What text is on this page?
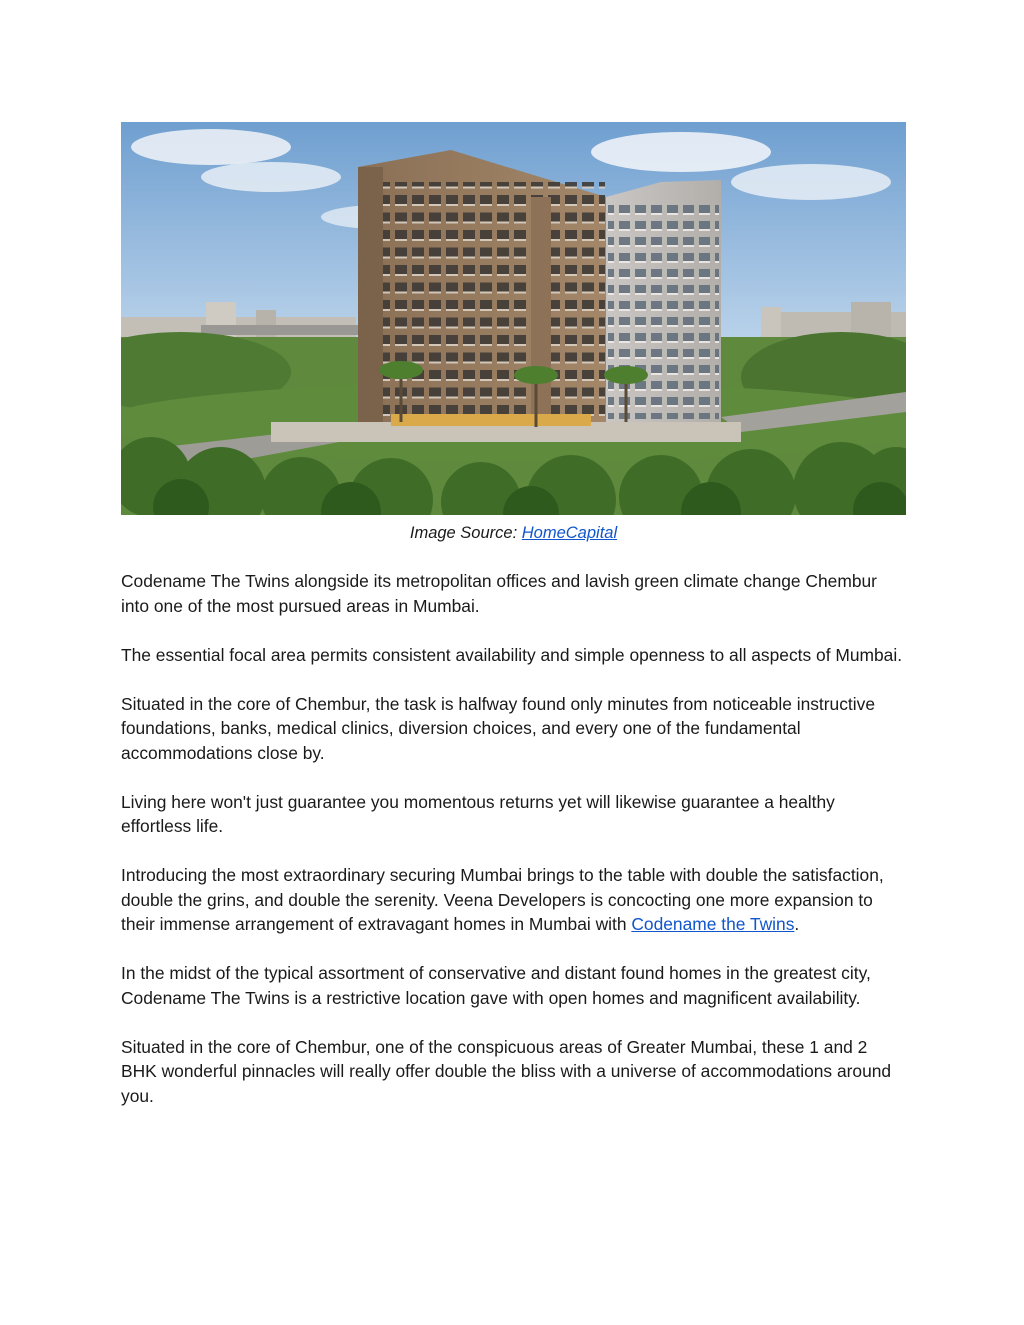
Image Source: HomeCapital

Codename The Twins alongside its metropolitan offices and lavish green climate change Chembur into one of the most pursued areas in Mumbai.

The essential focal area permits consistent availability and simple openness to all aspects of Mumbai.

Situated in the core of Chembur, the task is halfway found only minutes from noticeable instructive foundations, banks, medical clinics, diversion choices, and every one of the fundamental accommodations close by.

Living here won't just guarantee you momentous returns yet will likewise guarantee a healthy effortless life.

Introducing the most extraordinary securing Mumbai brings to the table with double the satisfaction, double the grins, and double the serenity. Veena Developers is concocting one more expansion to their immense arrangement of extravagant homes in Mumbai with Codename the Twins.

In the midst of the typical assortment of conservative and distant found homes in the greatest city, Codename The Twins is a restrictive location gave with open homes and magnificent availability.

Situated in the core of Chembur, one of the conspicuous areas of Greater Mumbai, these 1 and 2 BHK wonderful pinnacles will really offer double the bliss with a universe of accommodations around you.
